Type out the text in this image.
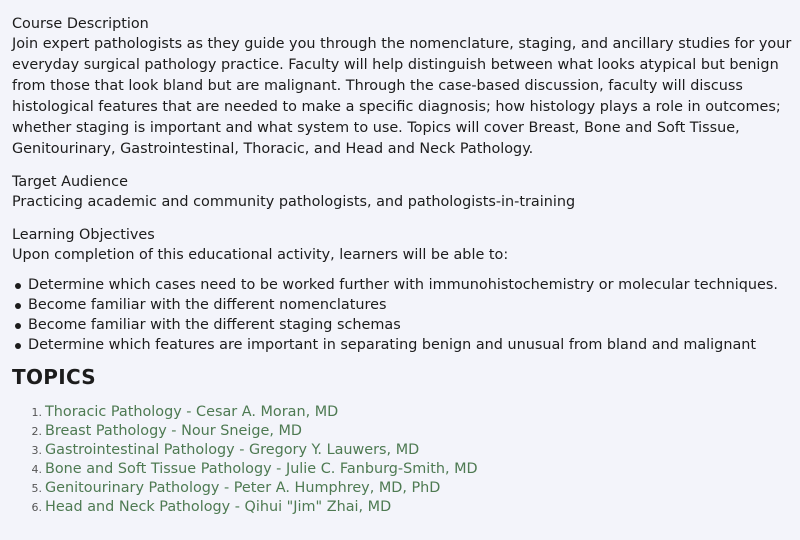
Course Description

Join expert pathologists as they guide you through the nomenclature, staging, and ancillary studies for your everyday surgical pathology practice. Faculty will help distinguish between what looks atypical but benign from those that look bland but are malignant. Through the case-based discussion, faculty will discuss histological features that are needed to make a specific diagnosis; how histology plays a role in outcomes; whether staging is important and what system to use. Topics will cover Breast, Bone and Soft Tissue, Genitourinary, Gastrointestinal, Thoracic, and Head and Neck Pathology.

Target Audience

Practicing academic and community pathologists, and pathologists-in-training

Learning Objectives

Upon completion of this educational activity, learners will be able to:

Determine which cases need to be worked further with immunohistochemistry or molecular techniques.
Become familiar with the different nomenclatures
Become familiar with the different staging schemas
Determine which features are important in separating benign and unusual from bland and malignant
TOPICS
1. Thoracic Pathology - Cesar A. Moran, MD
2. Breast Pathology - Nour Sneige, MD
3. Gastrointestinal Pathology - Gregory Y. Lauwers, MD
4. Bone and Soft Tissue Pathology - Julie C. Fanburg-Smith, MD
5. Genitourinary Pathology - Peter A. Humphrey, MD, PhD
6. Head and Neck Pathology - Qihui "Jim" Zhai, MD
